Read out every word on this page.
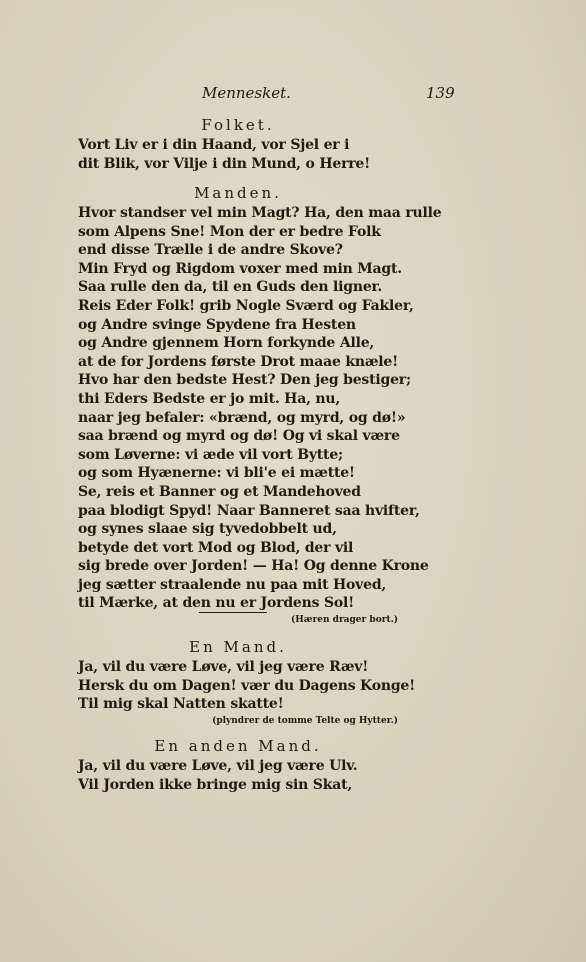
Mennesket.	139
Folket.
Vort Liv er i din Haand, vor Sjel er i
dit Blik, vor Vilje i din Mund, o Herre!
Manden.
Hvor standser vel min Magt? Ha, den maa rulle
som Alpens Sne! Mon der er bedre Folk
end disse Trælle i de andre Skove?
Min Fryd og Rigdom voxer med min Magt.
Saa rulle den da, til en Guds den ligner.
Reis Eder Folk! grib Nogle Sværd og Fakler,
og Andre svinge Spydene fra Hesten
og Andre gjennem Horn forkynde Alle,
at de for Jordens første Drot maae knæle!
Hvo har den bedste Hest? Den jeg bestiger;
thi Eders Bedste er jo mit. Ha, nu,
naar jeg befaler: «brænd, og myrd, og dø!»
saa brænd og myrd og dø! Og vi skal være
som Løverne: vi æde vil vort Bytte;
og som Hyænerne: vi bli'e ei mætte!
Se, reis et Banner og et Mandehoved
paa blodigt Spyd! Naar Banneret saa hvifter,
og synes slaae sig tyvedobbelt ud,
betyde det vort Mod og Blod, der vil
sig brede over Jorden! — Ha! Og denne Krone
jeg sætter straalende nu paa mit Hoved,
til Mærke, at den nu er Jordens Sol!
(Hæren drager bort.)
En Mand.
Ja, vil du være Løve, vil jeg være Ræv!
Hersk du om Dagen! vær du Dagens Konge!
Til mig skal Natten skatte!
(plyndrer de tomme Telte og Hytter.)
En anden Mand.
Ja, vil du være Løve, vil jeg være Ulv.
Vil Jorden ikke bringe mig sin Skat,
